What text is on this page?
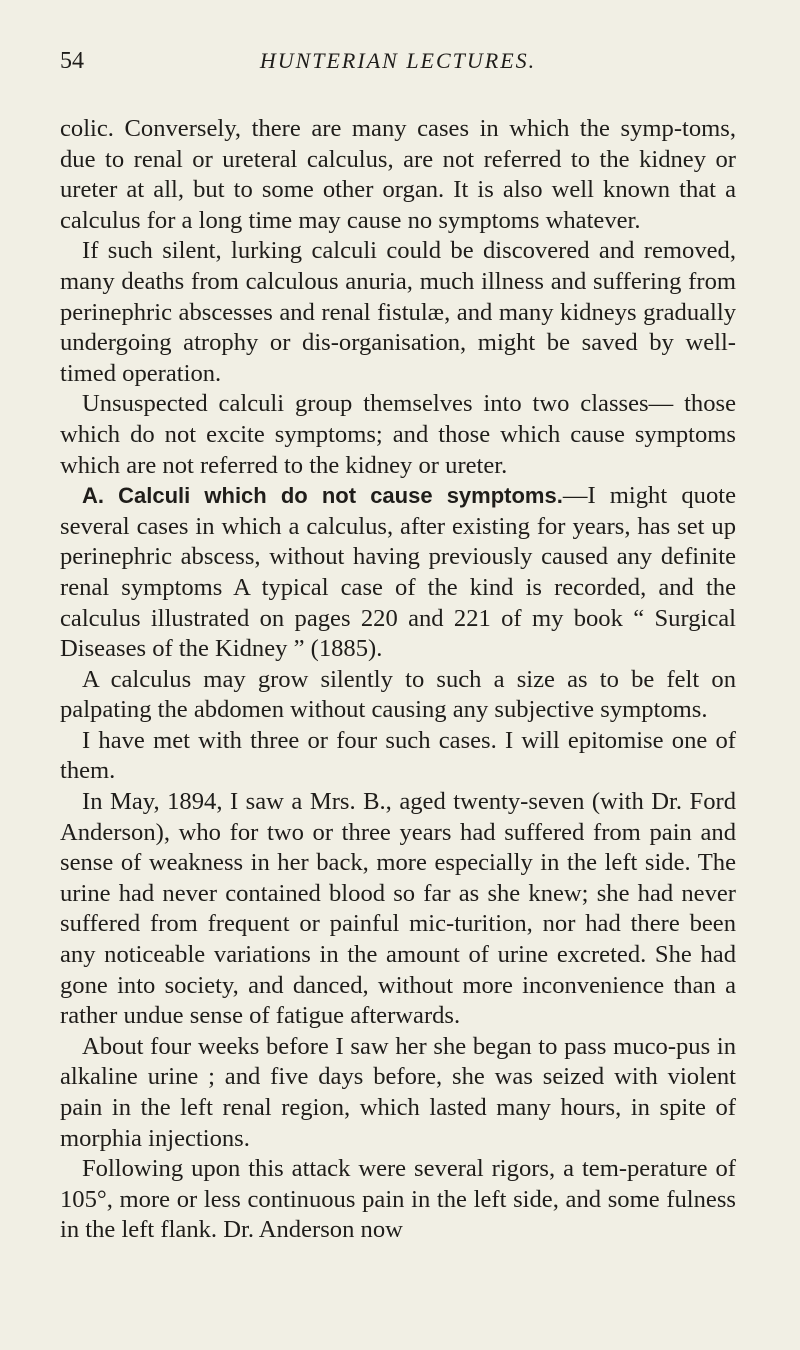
54	HUNTERIAN LECTURES.

colic. Conversely, there are many cases in which the symp-toms, due to renal or ureteral calculus, are not referred to the kidney or ureter at all, but to some other organ. It is also well known that a calculus for a long time may cause no symptoms whatever.

If such silent, lurking calculi could be discovered and removed, many deaths from calculous anuria, much illness and suffering from perinephric abscesses and renal fistulæ, and many kidneys gradually undergoing atrophy or dis-organisation, might be saved by well-timed operation.

Unsuspected calculi group themselves into two classes— those which do not excite symptoms; and those which cause symptoms which are not referred to the kidney or ureter.

A. Calculi which do not cause symptoms.—I might quote several cases in which a calculus, after existing for years, has set up perinephric abscess, without having previously caused any definite renal symptoms A typical case of the kind is recorded, and the calculus illustrated on pages 220 and 221 of my book “ Surgical Diseases of the Kidney ” (1885).

A calculus may grow silently to such a size as to be felt on palpating the abdomen without causing any subjective symptoms.

I have met with three or four such cases. I will epitomise one of them.

In May, 1894, I saw a Mrs. B., aged twenty-seven (with Dr. Ford Anderson), who for two or three years had suffered from pain and sense of weakness in her back, more especially in the left side. The urine had never contained blood so far as she knew; she had never suffered from frequent or painful mic-turition, nor had there been any noticeable variations in the amount of urine excreted. She had gone into society, and danced, without more inconvenience than a rather undue sense of fatigue afterwards.

About four weeks before I saw her she began to pass muco-pus in alkaline urine ; and five days before, she was seized with violent pain in the left renal region, which lasted many hours, in spite of morphia injections.

Following upon this attack were several rigors, a tem-perature of 105°, more or less continuous pain in the left side, and some fulness in the left flank. Dr. Anderson now
